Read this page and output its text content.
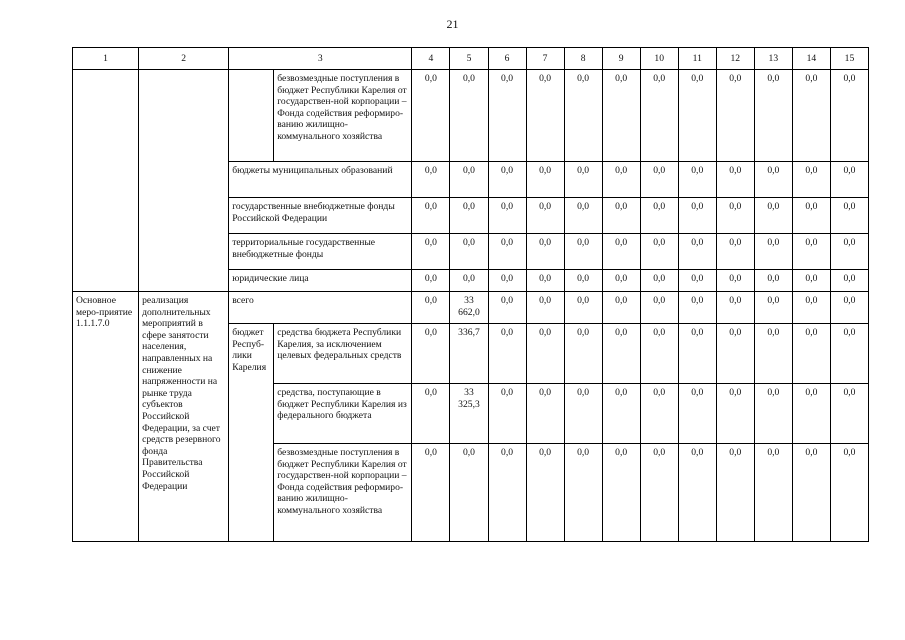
21
1	2	3		4	5	6	7	8	9	10	11	12	13	14	15
			безвозмездные поступления в бюджет Республики Карелия от государствен-ной корпорации – Фонда содействия реформиро-ванию жилищно-коммунального хозяйства	0,0	0,0	0,0	0,0	0,0	0,0	0,0	0,0	0,0	0,0	0,0	0,0
		бюджеты муниципальных образований		0,0	0,0	0,0	0,0	0,0	0,0	0,0	0,0	0,0	0,0	0,0	0,0
		государственные внебюджетные фонды Российской Федерации		0,0	0,0	0,0	0,0	0,0	0,0	0,0	0,0	0,0	0,0	0,0	0,0
		территориальные государственные внебюджетные фонды		0,0	0,0	0,0	0,0	0,0	0,0	0,0	0,0	0,0	0,0	0,0	0,0
		юридические лица		0,0	0,0	0,0	0,0	0,0	0,0	0,0	0,0	0,0	0,0	0,0	0,0
Основное меро-приятие 1.1.1.7.0	реализация дополнительных мероприятий в сфере занятости населения, направленных на снижение напряженности на рынке труда субъектов Российской Федерации, за счет средств резервного фонда Правительства Российской Федерации	всего		0,0	33 662,0	0,0	0,0	0,0	0,0	0,0	0,0	0,0	0,0	0,0	0,0
		бюджет Респуб-лики Карелия	средства бюджета Республики Карелия, за исключением целевых федеральных средств	0,0	336,7	0,0	0,0	0,0	0,0	0,0	0,0	0,0	0,0	0,0	0,0
			средства, поступающие в бюджет Республики Карелия из федерального бюджета	0,0	33 325,3	0,0	0,0	0,0	0,0	0,0	0,0	0,0	0,0	0,0	0,0
			безвозмездные поступления в бюджет Республики Карелия от государствен-ной корпорации – Фонда содействия реформиро-ванию жилищно-коммунального хозяйства	0,0	0,0	0,0	0,0	0,0	0,0	0,0	0,0	0,0	0,0	0,0	0,0
